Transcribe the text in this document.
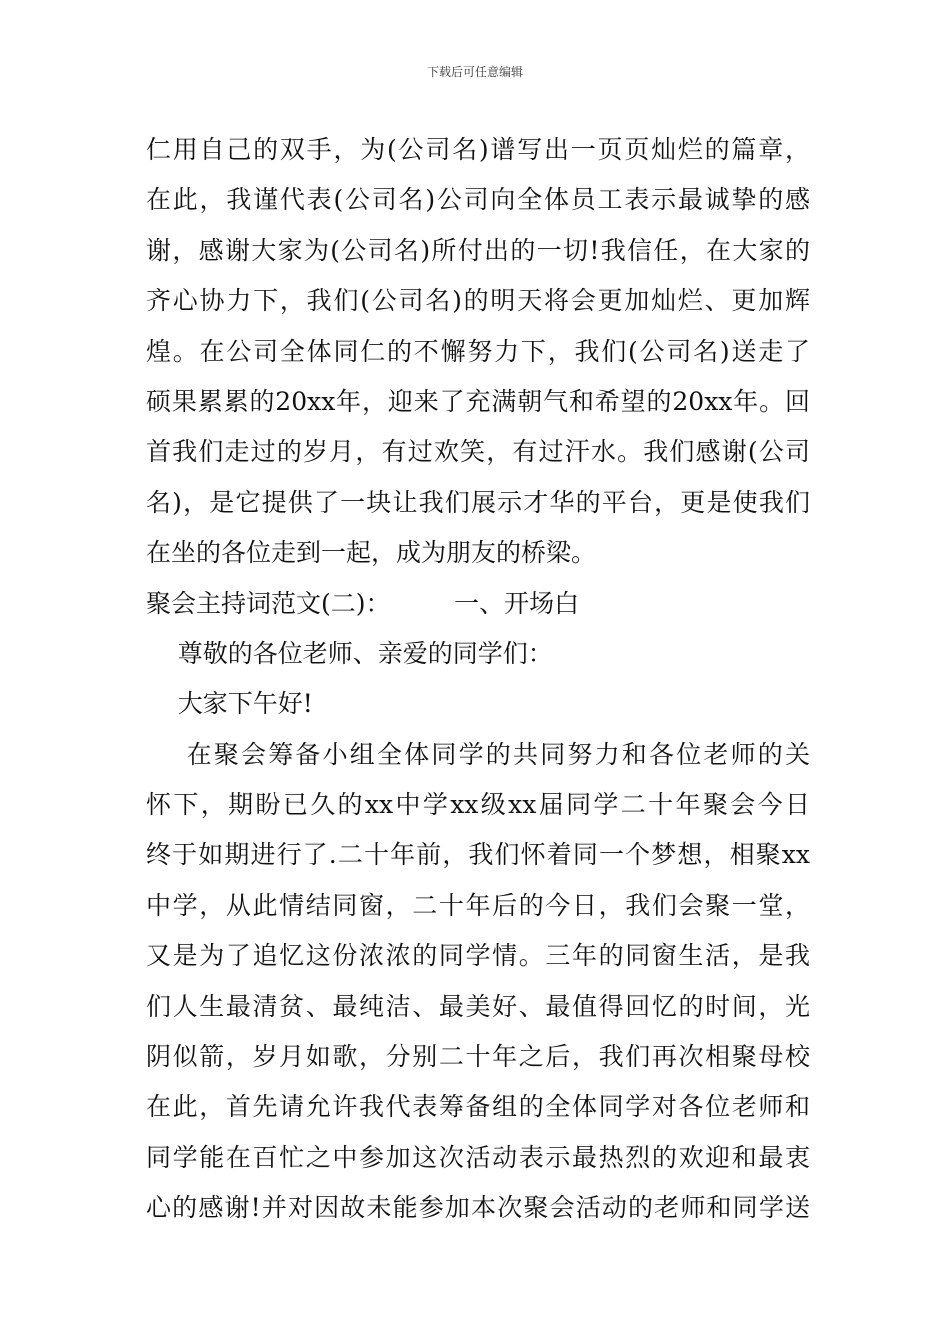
下载后可任意编辑
仁用自己的双手，为(公司名)谱写出一页页灿烂的篇章，
在此，我谨代表(公司名)公司向全体员工表示最诚挚的感
谢，感谢大家为(公司名)所付出的一切!我信任，在大家的
齐心协力下，我们(公司名)的明天将会更加灿烂、更加辉
煌。在公司全体同仁的不懈努力下，我们(公司名)送走了
硕果累累的20xx年，迎来了充满朝气和希望的20xx年。回
首我们走过的岁月，有过欢笑，有过汗水。我们感谢(公司
名)，是它提供了一块让我们展示才华的平台，更是使我们
在坐的各位走到一起，成为朋友的桥梁。
聚会主持词范文(二)：        一、开场白
尊敬的各位老师、亲爱的同学们：
大家下午好!
在聚会筹备小组全体同学的共同努力和各位老师的关
怀下，期盼已久的xx中学xx级xx届同学二十年聚会今日
终于如期进行了.二十年前，我们怀着同一个梦想，相聚xx
中学，从此情结同窗，二十年后的今日，我们会聚一堂，
又是为了追忆这份浓浓的同学情。三年的同窗生活，是我
们人生最清贫、最纯洁、最美好、最值得回忆的时间，光
阴似箭，岁月如歌，分别二十年之后，我们再次相聚母校
在此，首先请允许我代表筹备组的全体同学对各位老师和
同学能在百忙之中参加这次活动表示最热烈的欢迎和最衷
心的感谢!并对因故未能参加本次聚会活动的老师和同学送
